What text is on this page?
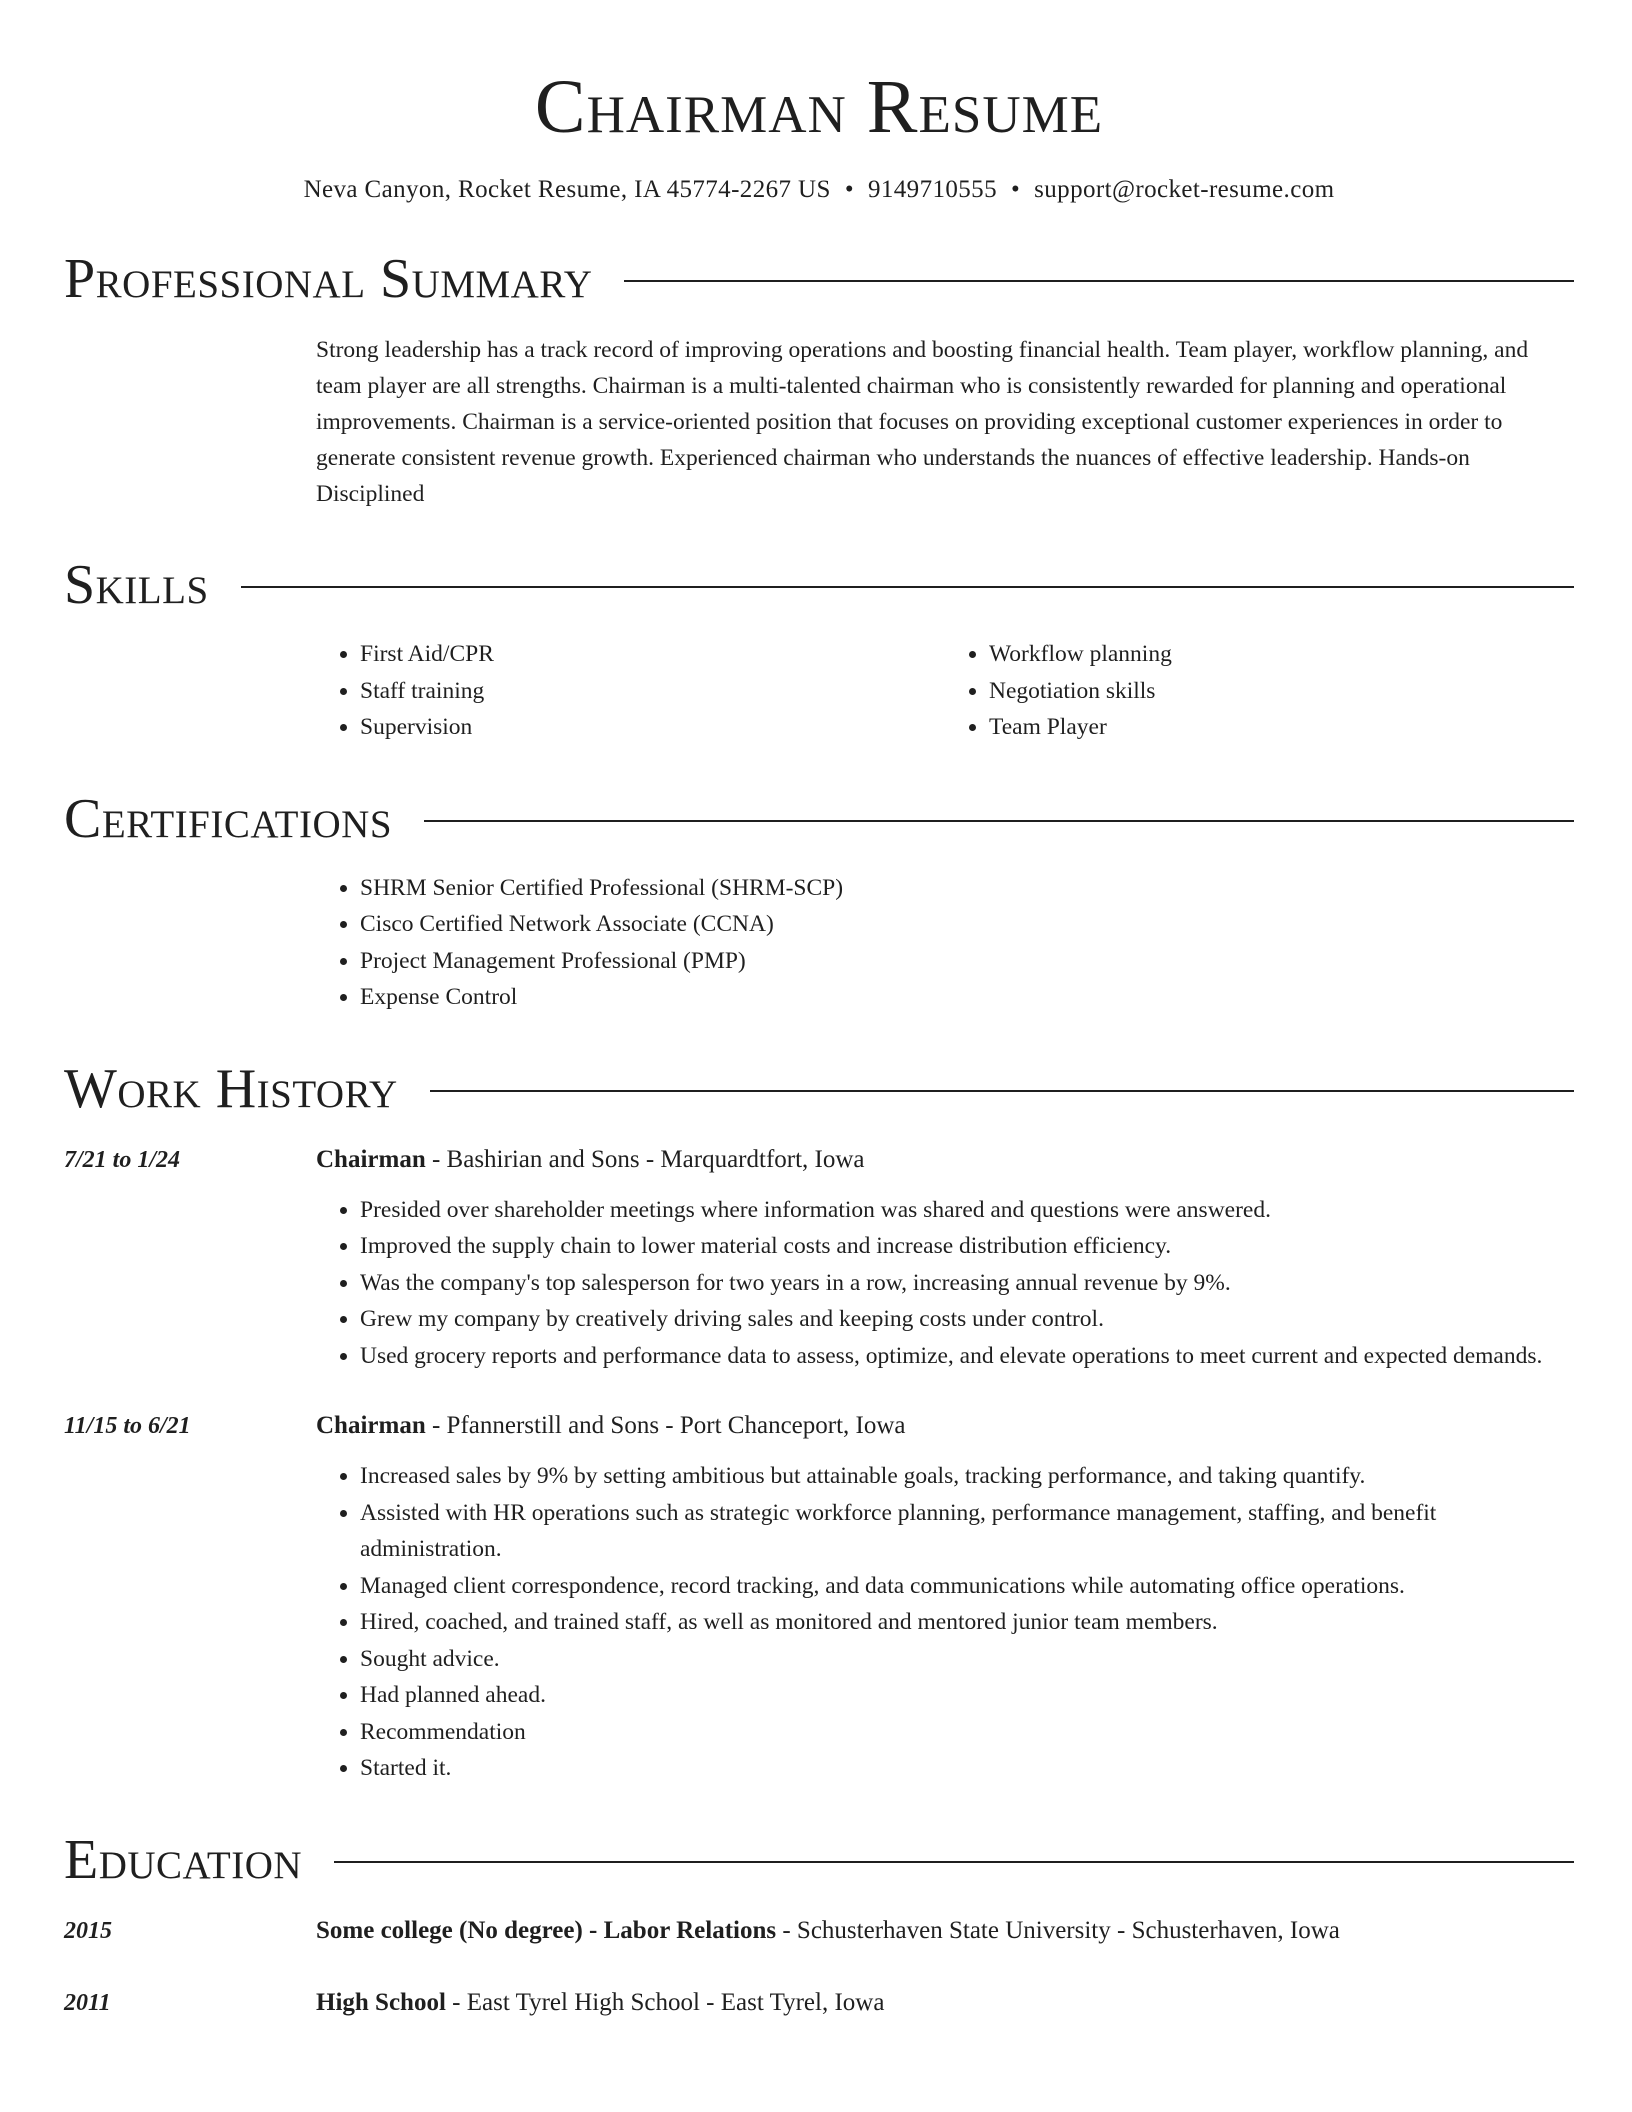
Chairman Resume
Neva Canyon, Rocket Resume, IA 45774-2267 US • 9149710555 • support@rocket-resume.com
Professional Summary
Strong leadership has a track record of improving operations and boosting financial health. Team player, workflow planning, and team player are all strengths. Chairman is a multi-talented chairman who is consistently rewarded for planning and operational improvements. Chairman is a service-oriented position that focuses on providing exceptional customer experiences in order to generate consistent revenue growth. Experienced chairman who understands the nuances of effective leadership. Hands-on Disciplined
Skills
• First Aid/CPR
• Staff training
• Supervision
• Workflow planning
• Negotiation skills
• Team Player
Certifications
• SHRM Senior Certified Professional (SHRM-SCP)
• Cisco Certified Network Associate (CCNA)
• Project Management Professional (PMP)
• Expense Control
Work History
7/21 to 1/24	Chairman - Bashirian and Sons - Marquardtfort, Iowa
• Presided over shareholder meetings where information was shared and questions were answered.
• Improved the supply chain to lower material costs and increase distribution efficiency.
• Was the company's top salesperson for two years in a row, increasing annual revenue by 9%.
• Grew my company by creatively driving sales and keeping costs under control.
• Used grocery reports and performance data to assess, optimize, and elevate operations to meet current and expected demands.
11/15 to 6/21	Chairman - Pfannerstill and Sons - Port Chanceport, Iowa
• Increased sales by 9% by setting ambitious but attainable goals, tracking performance, and taking quantify.
• Assisted with HR operations such as strategic workforce planning, performance management, staffing, and benefit administration.
• Managed client correspondence, record tracking, and data communications while automating office operations.
• Hired, coached, and trained staff, as well as monitored and mentored junior team members.
• Sought advice.
• Had planned ahead.
• Recommendation
• Started it.
Education
2015	Some college (No degree) - Labor Relations - Schusterhaven State University - Schusterhaven, Iowa
2011	High School - East Tyrel High School - East Tyrel, Iowa
